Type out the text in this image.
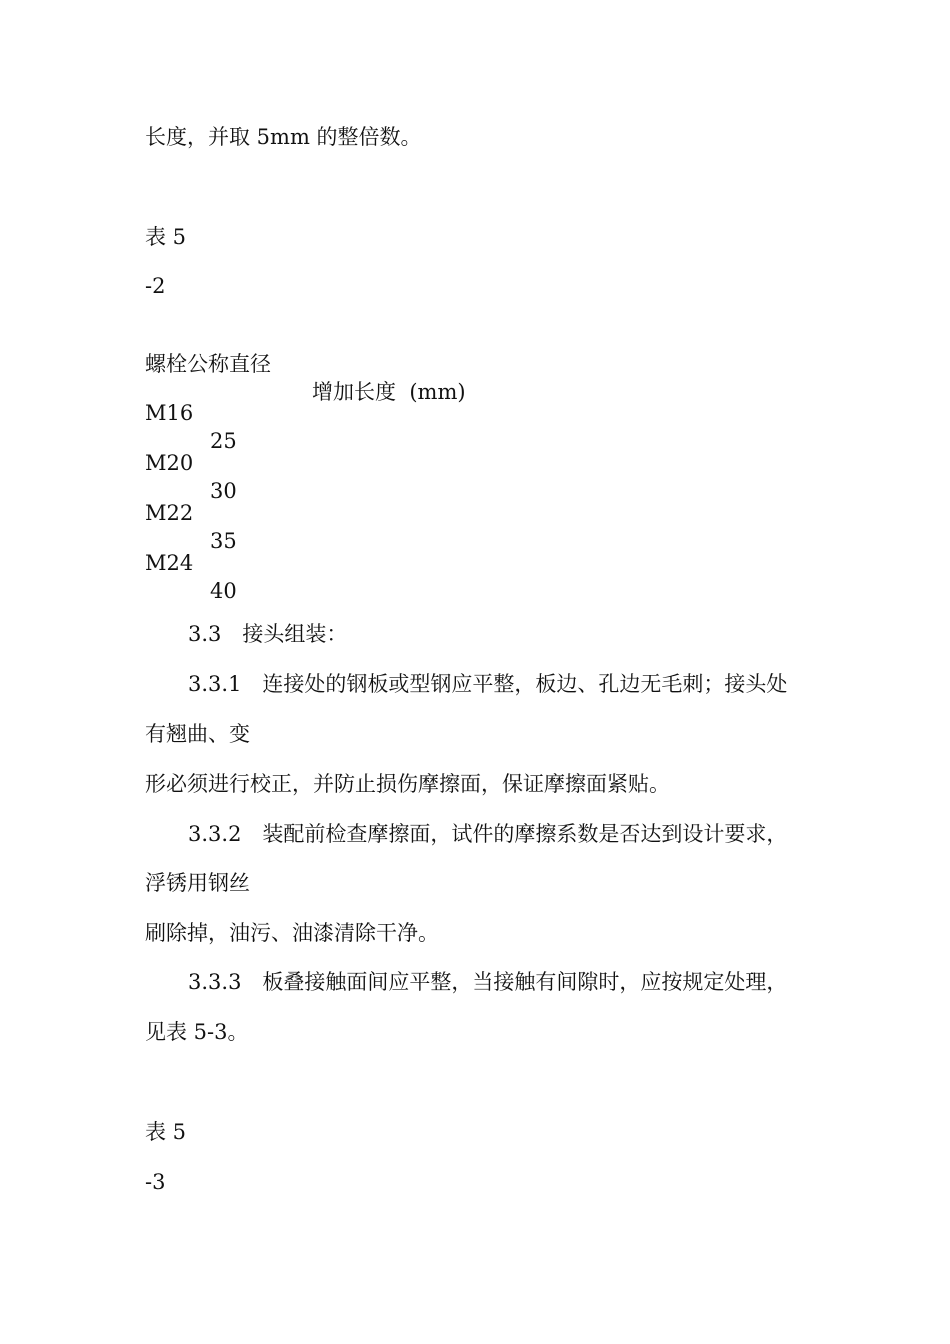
长度，并取 5mm 的整倍数。

表 5

-2

螺栓公称直径

增加长度  (mm)

M16

25

M20

30

M22

35

M24

40

3.3　接头组装：

3.3.1　连接处的钢板或型钢应平整，板边、孔边无毛刺；接头处

有翘曲、变

形必须进行校正，并防止损伤摩擦面，保证摩擦面紧贴。

3.3.2　装配前检查摩擦面，试件的摩擦系数是否达到设计要求，

浮锈用钢丝

刷除掉，油污、油漆清除干净。

3.3.3　板叠接触面间应平整，当接触有间隙时，应按规定处理，

见表 5-3。

表 5

-3
